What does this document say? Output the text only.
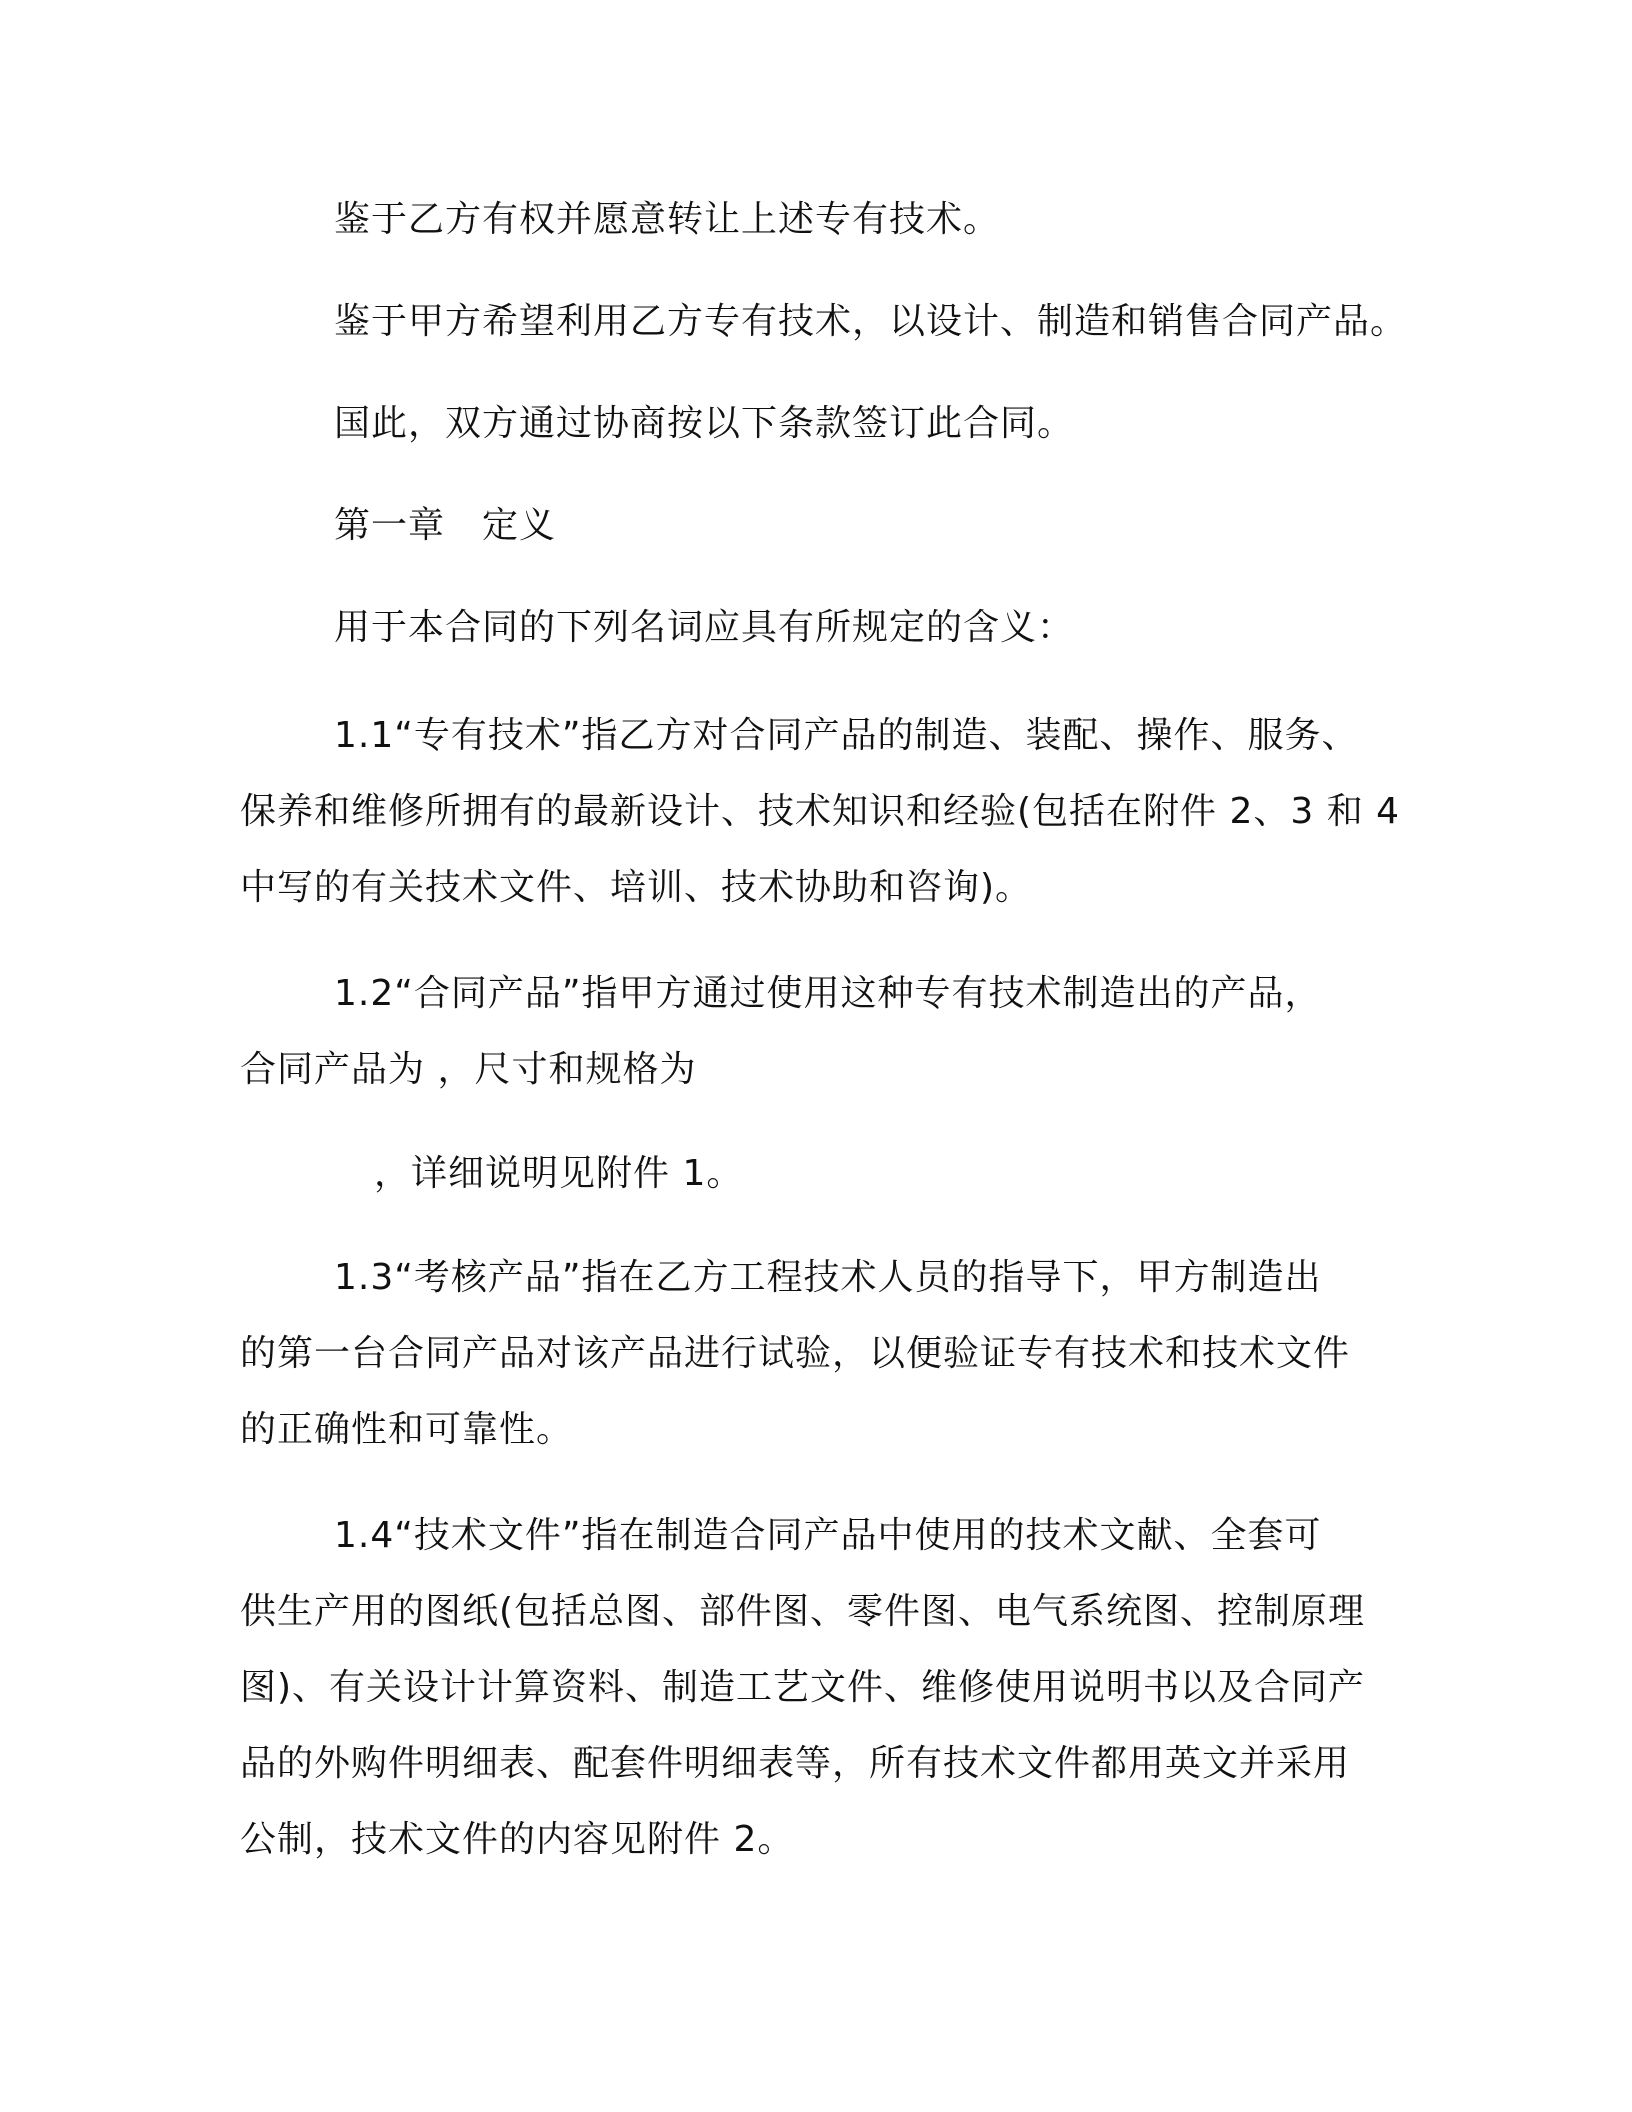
鉴于乙方有权并愿意转让上述专有技术。
鉴于甲方希望利用乙方专有技术，以设计、制造和销售合同产品。
国此，双方通过协商按以下条款签订此合同。
第一章　定义
用于本合同的下列名词应具有所规定的含义：
1.1“专有技术”指乙方对合同产品的制造、装配、操作、服务、
保养和维修所拥有的最新设计、技术知识和经验(包括在附件 2、3 和 4
中写的有关技术文件、培训、技术协助和咨询)。
1.2“合同产品”指甲方通过使用这种专有技术制造出的产品，
合同产品为 ，尺寸和规格为
，详细说明见附件 1。
1.3“考核产品”指在乙方工程技术人员的指导下，甲方制造出
的第一台合同产品对该产品进行试验，以便验证专有技术和技术文件
的正确性和可靠性。
1.4“技术文件”指在制造合同产品中使用的技术文献、全套可
供生产用的图纸(包括总图、部件图、零件图、电气系统图、控制原理
图)、有关设计计算资料、制造工艺文件、维修使用说明书以及合同产
品的外购件明细表、配套件明细表等，所有技术文件都用英文并采用
公制，技术文件的内容见附件 2。
